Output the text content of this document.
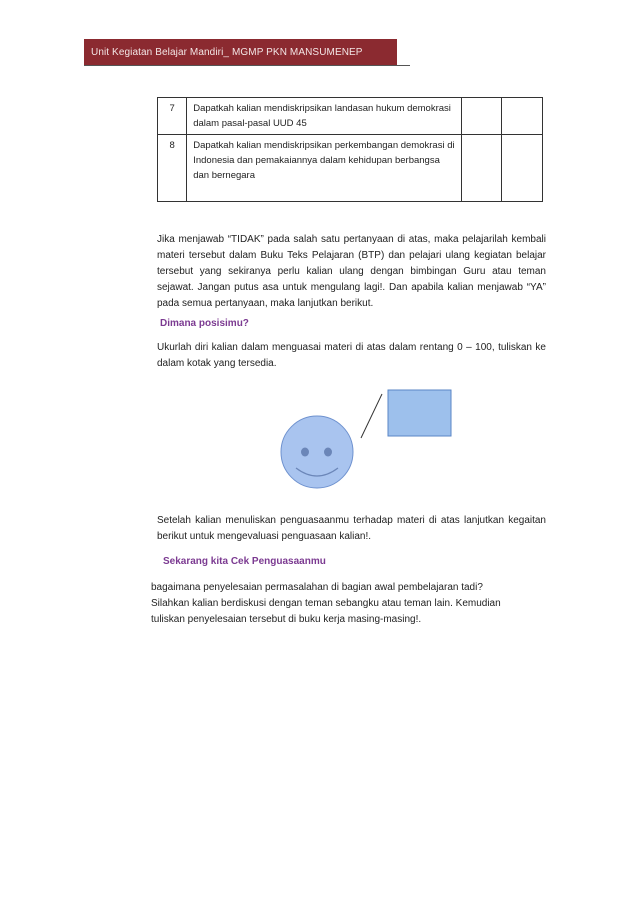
Unit Kegiatan Belajar Mandiri_ MGMP PKN MANSUMENEP
7	Dapatkah kalian mendiskripsikan landasan hukum demokrasi dalam pasal-pasal UUD 45		
8	Dapatkah kalian mendiskripsikan perkembangan demokrasi di Indonesia dan pemakaiannya dalam kehidupan berbangsa dan bernegara		
Jika menjawab “TIDAK” pada salah satu pertanyaan di atas, maka pelajarilah kembali materi tersebut dalam Buku Teks Pelajaran (BTP) dan pelajari ulang kegiatan belajar tersebut yang sekiranya perlu kalian ulang dengan bimbingan Guru atau teman sejawat. Jangan putus asa untuk mengulang lagi!. Dan apabila kalian menjawab “YA” pada semua pertanyaan, maka lanjutkan berikut.
Dimana posisimu?
Ukurlah diri kalian dalam menguasai materi di atas dalam rentang 0 – 100, tuliskan ke dalam kotak yang tersedia.
Setelah kalian menuliskan penguasaanmu terhadap materi di atas lanjutkan kegaitan berikut untuk mengevaluasi penguasaan kalian!.
Sekarang kita Cek Penguasaanmu
bagaimana penyelesaian permasalahan di bagian awal pembelajaran tadi? Silahkan kalian berdiskusi dengan teman sebangku atau teman lain. Kemudian tuliskan penyelesaian tersebut di buku kerja masing-masing!.
